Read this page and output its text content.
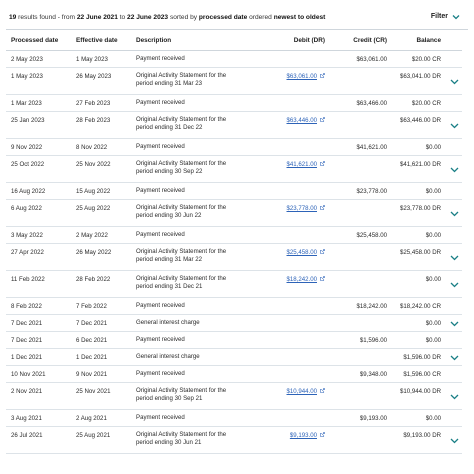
19 results found - from 22 June 2021 to 22 June 2023 sorted by processed date ordered newest to oldest	Filter
Processed date	Effective date	Description	Debit (DR)	Credit (CR)	Balance	
2 May 2023	1 May 2023	Payment received		$63,061.00	$20.00 CR	
1 May 2023	26 May 2023	Original Activity Statement for the period ending 31 Mar 23	$63,061.00		$63,041.00 DR	
1 Mar 2023	27 Feb 2023	Payment received		$63,466.00	$20.00 CR	
25 Jan 2023	28 Feb 2023	Original Activity Statement for the period ending 31 Dec 22	$63,446.00		$63,446.00 DR	
9 Nov 2022	8 Nov 2022	Payment received		$41,621.00	$0.00	
25 Oct 2022	25 Nov 2022	Original Activity Statement for the period ending 30 Sep 22	$41,621.00		$41,621.00 DR	
16 Aug 2022	15 Aug 2022	Payment received		$23,778.00	$0.00	
6 Aug 2022	25 Aug 2022	Original Activity Statement for the period ending 30 Jun 22	$23,778.00		$23,778.00 DR	
3 May 2022	2 May 2022	Payment received		$25,458.00	$0.00	
27 Apr 2022	26 May 2022	Original Activity Statement for the period ending 31 Mar 22	$25,458.00		$25,458.00 DR	
11 Feb 2022	28 Feb 2022	Original Activity Statement for the period ending 31 Dec 21	$18,242.00		$0.00	
8 Feb 2022	7 Feb 2022	Payment received		$18,242.00	$18,242.00 CR	
7 Dec 2021	7 Dec 2021	General interest charge			$0.00	
7 Dec 2021	6 Dec 2021	Payment received		$1,596.00	$0.00	
1 Dec 2021	1 Dec 2021	General interest charge			$1,596.00 DR	
10 Nov 2021	9 Nov 2021	Payment received		$9,348.00	$1,596.00 CR	
2 Nov 2021	25 Nov 2021	Original Activity Statement for the period ending 30 Sep 21	$10,944.00		$10,944.00 DR	
3 Aug 2021	2 Aug 2021	Payment received		$9,193.00	$0.00	
26 Jul 2021	25 Aug 2021	Original Activity Statement for the period ending 30 Jun 21	$9,193.00		$9,193.00 DR	
